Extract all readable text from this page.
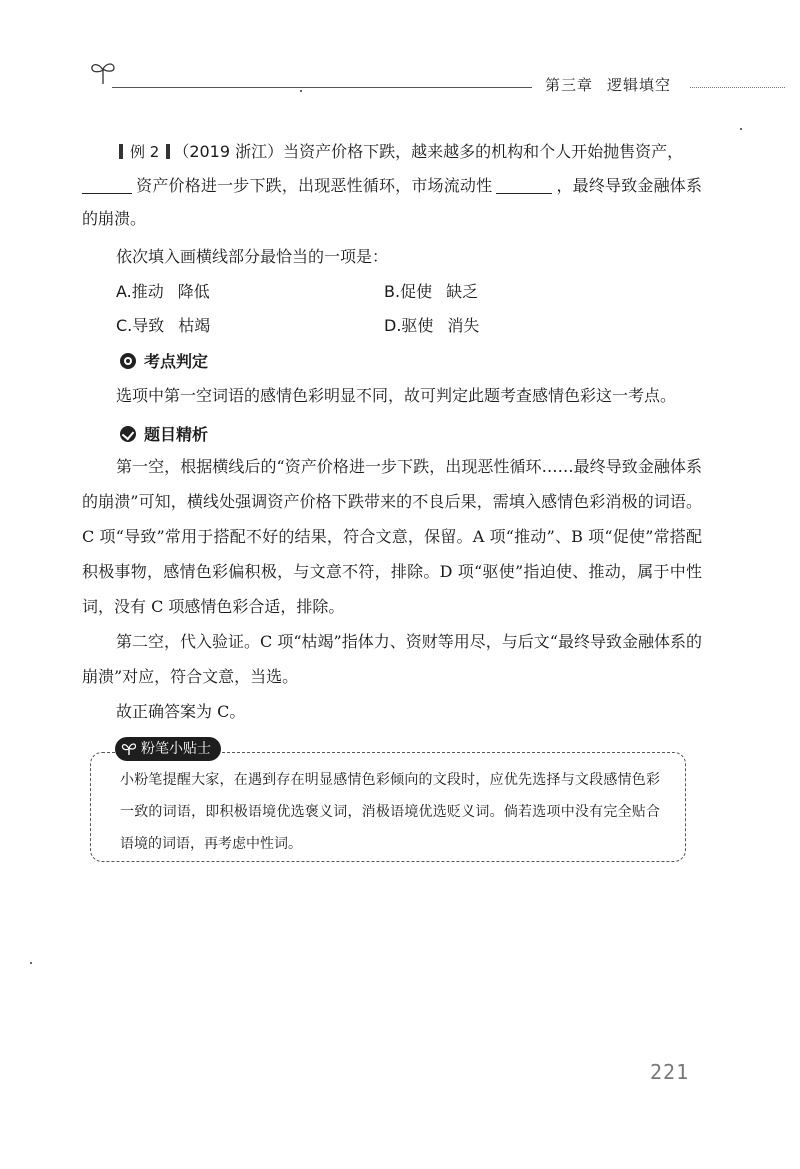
第三章 逻辑填空
例 2 （2019 浙江）当资产价格下跌，越来越多的机构和个人开始抛售资产，
资产价格进一步下跌，出现恶性循环，市场流动性	，最终导致金融体系的崩溃。
依次填入画横线部分最恰当的一项是：
A.推动 降低	B.促使 缺乏
C.导致 枯竭	D.驱使 消失
考点判定
选项中第一空词语的感情色彩明显不同，故可判定此题考查感情色彩这一考点。
题目精析
第一空，根据横线后的“资产价格进一步下跌，出现恶性循环……最终导致金融体系的崩溃”可知，横线处强调资产价格下跌带来的不良后果，需填入感情色彩消极的词语。C 项“导致”常用于搭配不好的结果，符合文意，保留。A 项“推动”、B 项“促使”常搭配积极事物，感情色彩偏积极，与文意不符，排除。D 项“驱使”指迫使、推动，属于中性词，没有 C 项感情色彩合适，排除。
第二空，代入验证。C 项“枯竭”指体力、资财等用尽，与后文“最终导致金融体系的崩溃”对应，符合文意，当选。
故正确答案为 C。
粉笔小贴士
小粉笔提醒大家，在遇到存在明显感情色彩倾向的文段时，应优先选择与文段感情色彩一致的词语，即积极语境优选褒义词，消极语境优选贬义词。倘若选项中没有完全贴合语境的词语，再考虑中性词。
221
